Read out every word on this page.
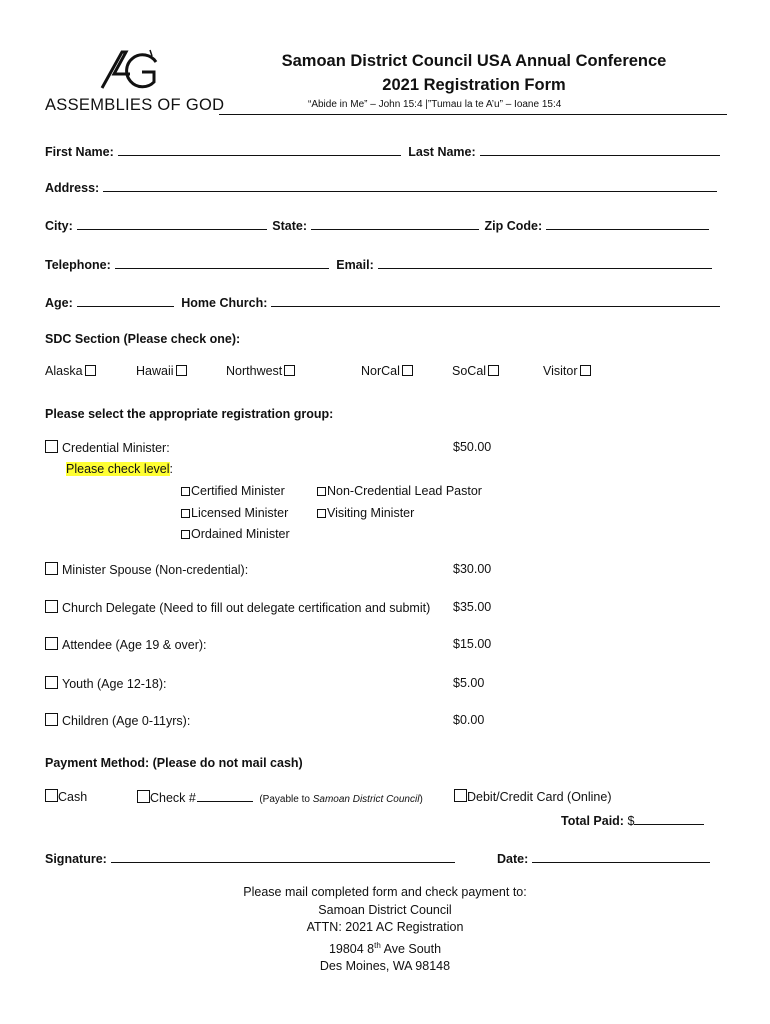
ASSEMBLIES OF GOD
Samoan District Council USA Annual Conference
2021 Registration Form
“Abide in Me” – John 15:4 |”Tumau la te A’u” – Ioane 15:4
First Name:	Last Name:
Address:
City:	State:	Zip Code:
Telephone:	Email:
Age:	Home Church:
SDC Section (Please check one):
Alaska	Hawaii	Northwest	NorCal	SoCal	Visitor
Please select the appropriate registration group:
Credential Minister:	$50.00
Please check level:
Certified Minister	Non-Credential Lead Pastor
Licensed Minister	Visiting Minister
Ordained Minister
Minister Spouse (Non-credential):	$30.00
Church Delegate (Need to fill out delegate certification and submit) $35.00
Attendee (Age 19 & over):	$15.00
Youth (Age 12-18):	$5.00
Children (Age 0-11yrs):	$0.00
Payment Method: (Please do not mail cash)
Cash	Check #	(Payable to Samoan District Council)	Debit/Credit Card (Online)
Total Paid: $
Signature:	Date:
Please mail completed form and check payment to:
Samoan District Council
ATTN: 2021 AC Registration
19804 8th Ave South
Des Moines, WA 98148
